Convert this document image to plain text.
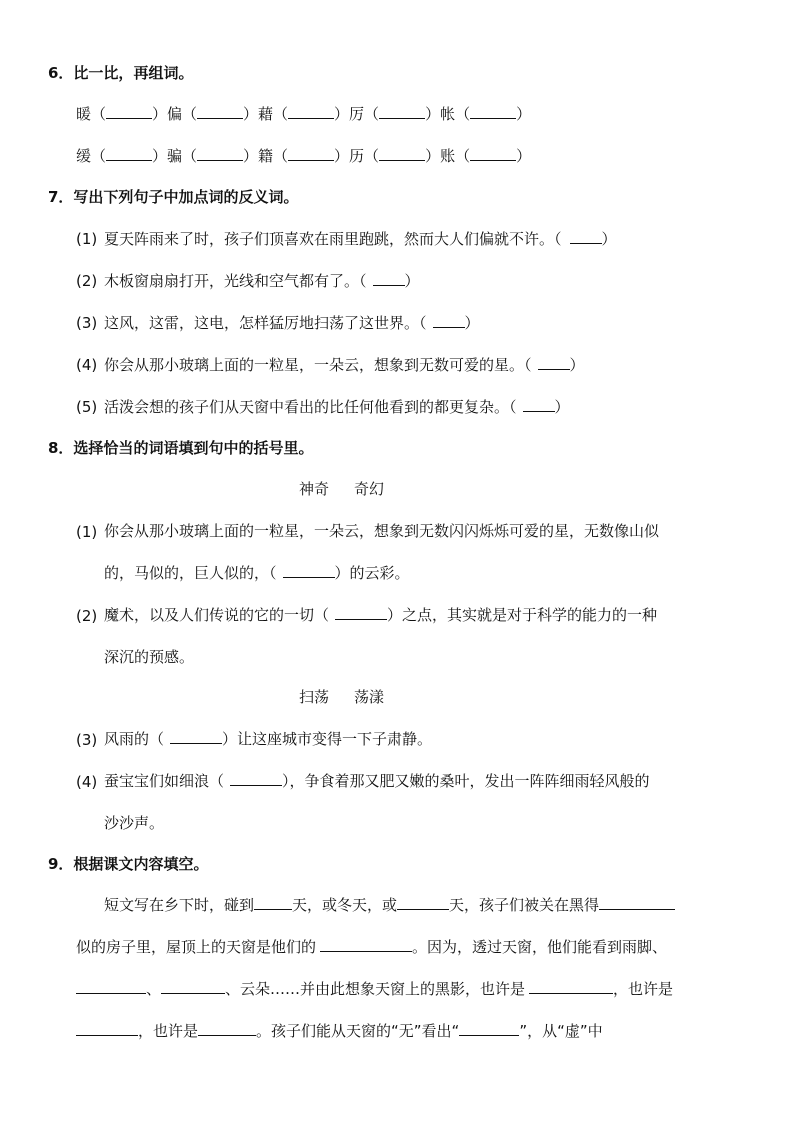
6．比一比，再组词。
暖（	）偏（	）藉（	）厉（	）帐（	）
缓（	）骗（	）籍（	）历（	）账（	）
7．写出下列句子中加点词的反义词。
(1) 夏天阵雨来了时，孩子们顶喜欢在雨里跑跳，然而大人们偏就不许。（	）
(2) 木板窗扇扇打开，光线和空气都有了。（	）
(3) 这风，这雷，这电，怎样猛厉地扫荡了这世界。（	）
(4) 你会从那小玻璃上面的一粒星，一朵云，想象到无数可爱的星。（	）
(5) 活泼会想的孩子们从天窗中看出的比任何他看到的都更复杂。（	）
8．选择恰当的词语填到句中的括号里。
神奇 奇幻
(1) 你会从那小玻璃上面的一粒星，一朵云，想象到无数闪闪烁烁可爱的星，无数像山似
的，马似的，巨人似的，（	）的云彩。
(2) 魔术，以及人们传说的它的一切（	）之点，其实就是对于科学的能力的一种
深沉的预感。
扫荡 荡漾
(3) 风雨的（	）让这座城市变得一下子肃静。
(4) 蚕宝宝们如细浪（	），争食着那又肥又嫩的桑叶，发出一阵阵细雨轻风般的
沙沙声。
9．根据课文内容填空。
短文写在乡下时，碰到	天，或冬天，或	天，孩子们被关在黑得
似的房子里，屋顶上的天窗是他们的	。因为，透过天窗，他们能看到雨脚、
、	、云朵……并由此想象天窗上的黑影，也许是	，也许是
，也许是	。孩子们能从天窗的“无”看出“	”，从“虚”中
